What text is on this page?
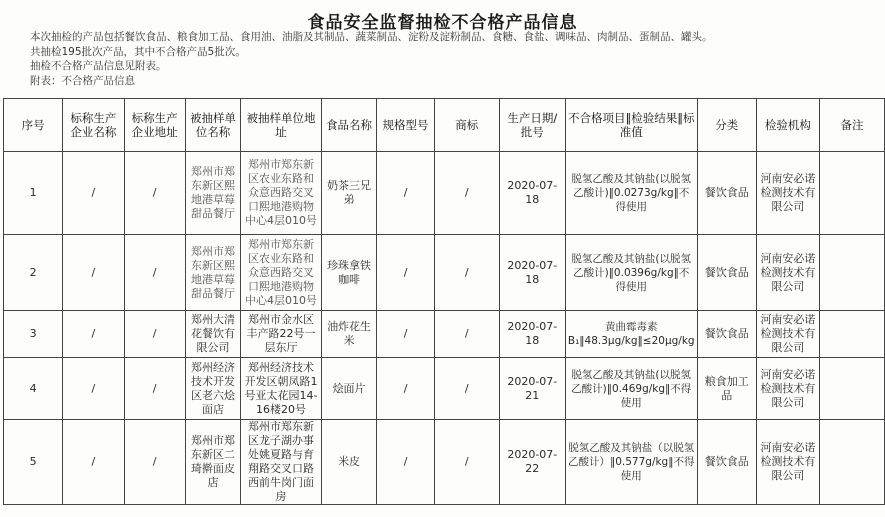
食品安全监督抽检不合格产品信息
本次抽检的产品包括餐饮食品、粮食加工品、食用油、油脂及其制品、蔬菜制品、淀粉及淀粉制品、食糖、食盐、调味品、肉制品、蛋制品、罐头。
共抽检195批次产品，其中不合格产品5批次。
抽检不合格产品信息见附表。
附表：不合格产品信息
序号	标称生产企业名称	标称生产企业地址	被抽样单位名称	被抽样单位地址	食品名称	规格型号	商标	生产日期/批号	不合格项目‖检验结果‖标准值	分类	检验机构	备注
1	/	/	郑州市郑东新区熙地港草莓甜品餐厅	郑州市郑东新区农业东路和众意西路交叉口熙地港购物中心4层010号	奶茶三兄弟	/	/	2020-07-18	脱氢乙酸及其钠盐(以脱氢乙酸计)‖0.0273g/kg‖不得使用	餐饮食品	河南安必诺检测技术有限公司	
2	/	/	郑州市郑东新区熙地港草莓甜品餐厅	郑州市郑东新区农业东路和众意西路交叉口熙地港购物中心4层010号	珍珠拿铁咖啡	/	/	2020-07-18	脱氢乙酸及其钠盐(以脱氢乙酸计)‖0.0396g/kg‖不得使用	餐饮食品	河南安必诺检测技术有限公司	
3	/	/	郑州大清花餐饮有限公司	郑州市金水区丰产路22号一层东厅	油炸花生米	/	/	2020-07-18	黄曲霉毒素B₁‖48.3μg/kg‖≤20μg/kg	餐饮食品	河南安必诺检测技术有限公司	
4	/	/	郑州经济技术开发区老六烩面店	郑州经济技术开发区朝凤路1号亚太花园14-16楼20号	烩面片	/	/	2020-07-21	脱氢乙酸及其钠盐(以脱氢乙酸计)‖0.469g/kg‖不得使用	粮食加工品	河南安必诺检测技术有限公司	
5	/	/	郑州市郑东新区二琦擀面皮店	郑州市郑东新区龙子湖办事处姚夏路与育翔路交叉口路西前牛岗门面房	米皮	/	/	2020-07-22	脱氢乙酸及其钠盐（以脱氢乙酸计）‖0.577g/kg‖不得使用	餐饮食品	河南安必诺检测技术有限公司	
